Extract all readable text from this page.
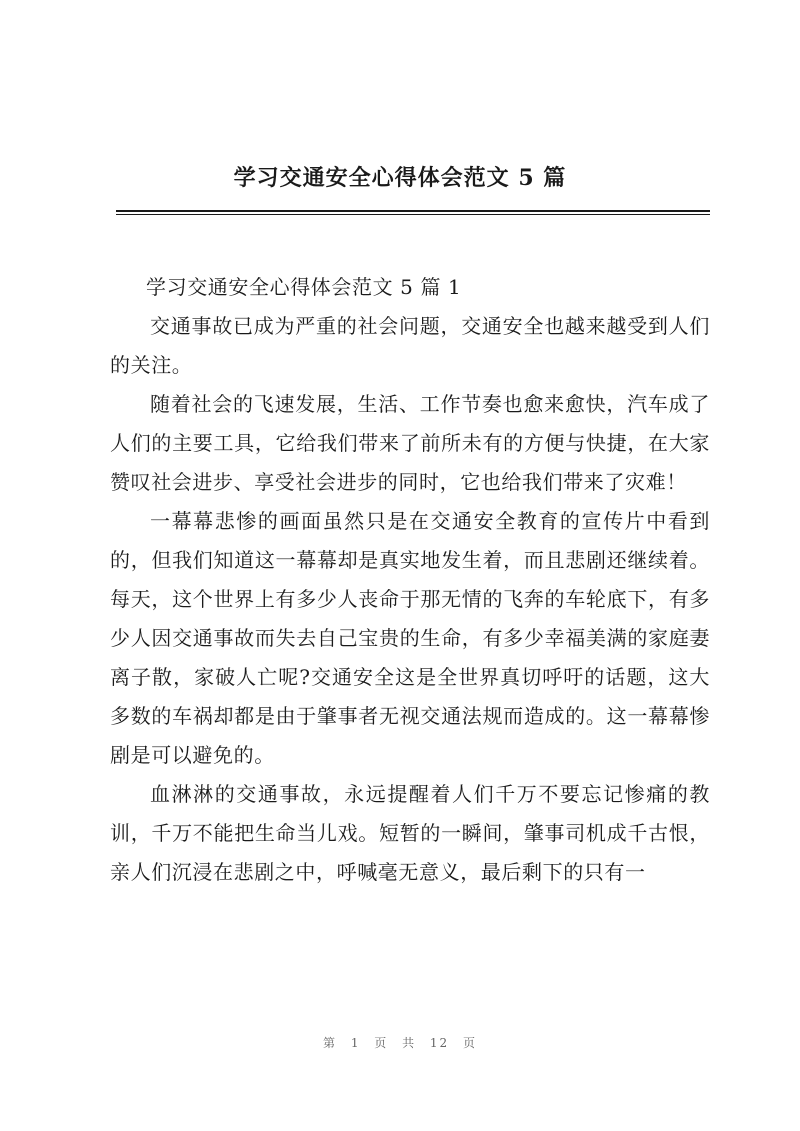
学习交通安全心得体会范文 5 篇

学习交通安全心得体会范文 5 篇 1

交通事故已成为严重的社会问题，交通安全也越来越受到人们的关注。

随着社会的飞速发展，生活、工作节奏也愈来愈快，汽车成了人们的主要工具，它给我们带来了前所未有的方便与快捷，在大家赞叹社会进步、享受社会进步的同时，它也给我们带来了灾难！

一幕幕悲惨的画面虽然只是在交通安全教育的宣传片中看到的，但我们知道这一幕幕却是真实地发生着，而且悲剧还继续着。每天，这个世界上有多少人丧命于那无情的飞奔的车轮底下，有多少人因交通事故而失去自己宝贵的生命，有多少幸福美满的家庭妻离子散，家破人亡呢?交通安全这是全世界真切呼吁的话题，这大多数的车祸却都是由于肇事者无视交通法规而造成的。这一幕幕惨剧是可以避免的。

血淋淋的交通事故，永远提醒着人们千万不要忘记惨痛的教训，千万不能把生命当儿戏。短暂的一瞬间，肇事司机成千古恨，亲人们沉浸在悲剧之中，呼喊毫无意义，最后剩下的只有一

第 1 页 共 12 页
